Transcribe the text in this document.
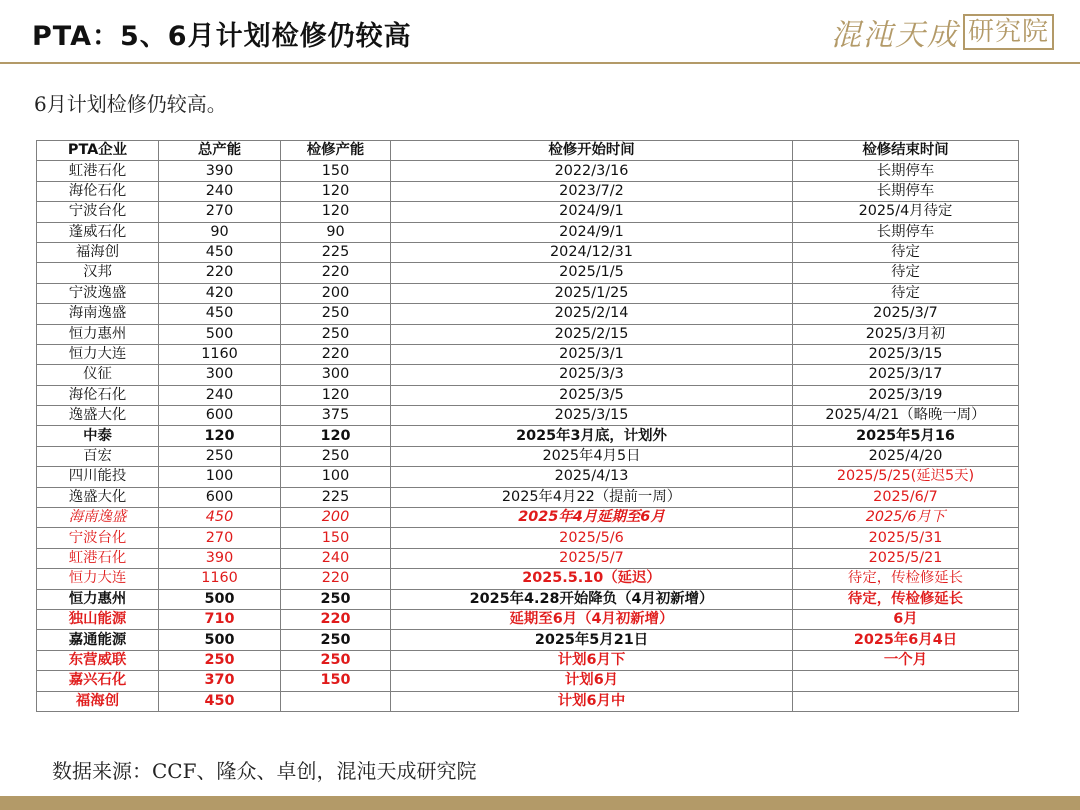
PTA：5、6月计划检修仍较高	混沌天成 研究院
6月计划检修仍较高。
PTA企业	总产能	检修产能	检修开始时间	检修结束时间
虹港石化	390	150	2022/3/16	长期停车
海伦石化	240	120	2023/7/2	长期停车
宁波台化	270	120	2024/9/1	2025/4月待定
蓬威石化	90	90	2024/9/1	长期停车
福海创	450	225	2024/12/31	待定
汉邦	220	220	2025/1/5	待定
宁波逸盛	420	200	2025/1/25	待定
海南逸盛	450	250	2025/2/14	2025/3/7
恒力惠州	500	250	2025/2/15	2025/3月初
恒力大连	1160	220	2025/3/1	2025/3/15
仪征	300	300	2025/3/3	2025/3/17
海伦石化	240	120	2025/3/5	2025/3/19
逸盛大化	600	375	2025/3/15	2025/4/21（略晚一周）
中泰	120	120	2025年3月底，计划外	2025年5月16
百宏	250	250	2025年4月5日	2025/4/20
四川能投	100	100	2025/4/13	2025/5/25(延迟5天)
逸盛大化	600	225	2025年4月22（提前一周）	2025/6/7
海南逸盛	450	200	2025年4月延期至6月	2025/6月下
宁波台化	270	150	2025/5/6	2025/5/31
虹港石化	390	240	2025/5/7	2025/5/21
恒力大连	1160	220	2025.5.10（延迟）	待定，传检修延长
恒力惠州	500	250	2025年4.28开始降负（4月初新增）	待定，传检修延长
独山能源	710	220	延期至6月（4月初新增）	6月
嘉通能源	500	250	2025年5月21日	2025年6月4日
东营威联	250	250	计划6月下	一个月
嘉兴石化	370	150	计划6月	
福海创	450		计划6月中	
数据来源：CCF、隆众、卓创，混沌天成研究院
